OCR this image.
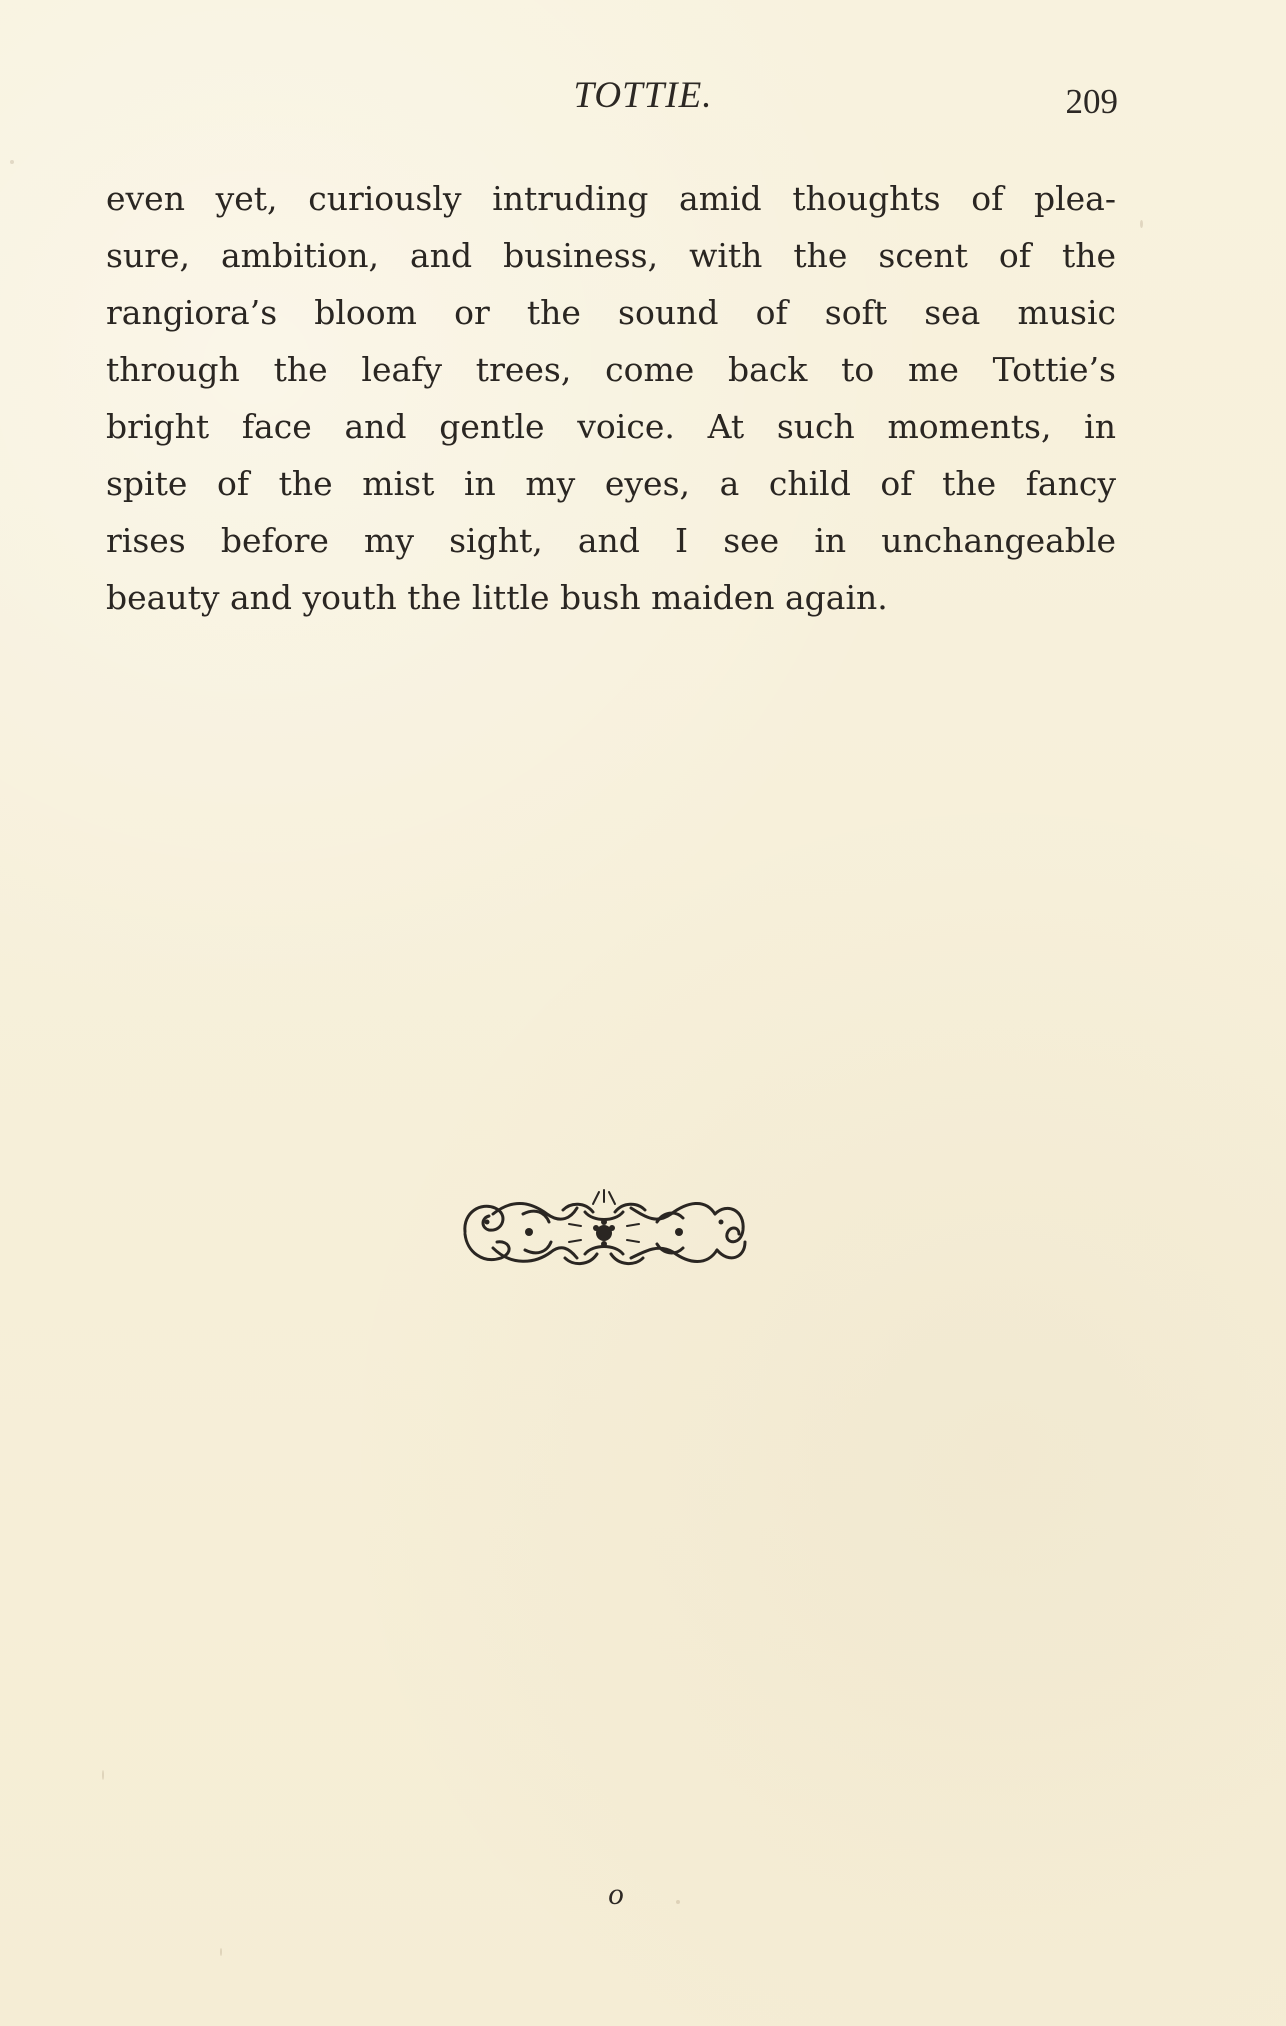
TOTTIE.	209
even yet, curiously intruding amid thoughts of plea-
sure, ambition, and business, with the scent of the
rangiora’s bloom or the sound of soft sea music
through the leafy trees, come back to me Tottie’s
bright face and gentle voice. At such moments, in
spite of the mist in my eyes, a child of the fancy
rises before my sight, and I see in unchangeable
beauty and youth the little bush maiden again.
o
